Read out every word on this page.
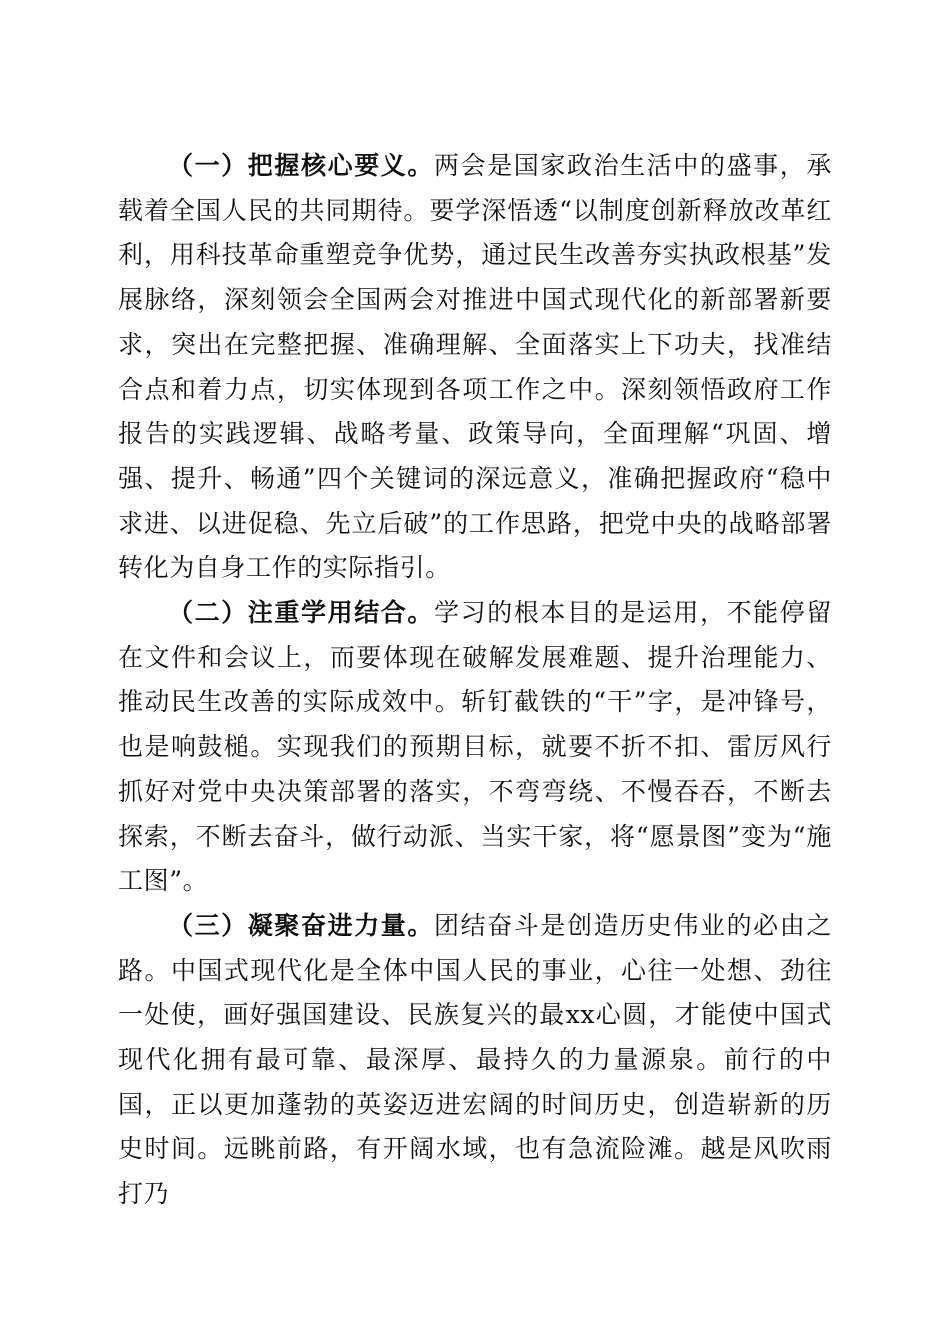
（一）把握核心要义。两会是国家政治生活中的盛事，承载着全国人民的共同期待。要学深悟透“以制度创新释放改革红利，用科技革命重塑竞争优势，通过民生改善夯实执政根基”发展脉络，深刻领会全国两会对推进中国式现代化的新部署新要求，突出在完整把握、准确理解、全面落实上下功夫，找准结合点和着力点，切实体现到各项工作之中。深刻领悟政府工作报告的实践逻辑、战略考量、政策导向，全面理解“巩固、增强、提升、畅通”四个关键词的深远意义，准确把握政府“稳中求进、以进促稳、先立后破”的工作思路，把党中央的战略部署转化为自身工作的实际指引。

（二）注重学用结合。学习的根本目的是运用，不能停留在文件和会议上，而要体现在破解发展难题、提升治理能力、推动民生改善的实际成效中。斩钉截铁的“干”字，是冲锋号，也是响鼓槌。实现我们的预期目标，就要不折不扣、雷厉风行抓好对党中央决策部署的落实，不弯弯绕、不慢吞吞，不断去探索，不断去奋斗，做行动派、当实干家，将“愿景图”变为“施工图”。

（三）凝聚奋进力量。团结奋斗是创造历史伟业的必由之路。中国式现代化是全体中国人民的事业，心往一处想、劲往一处使，画好强国建设、民族复兴的最xx心圆，才能使中国式现代化拥有最可靠、最深厚、最持久的力量源泉。前行的中国，正以更加蓬勃的英姿迈进宏阔的时间历史，创造崭新的历史时间。远眺前路，有开阔水域，也有急流险滩。越是风吹雨打乃
